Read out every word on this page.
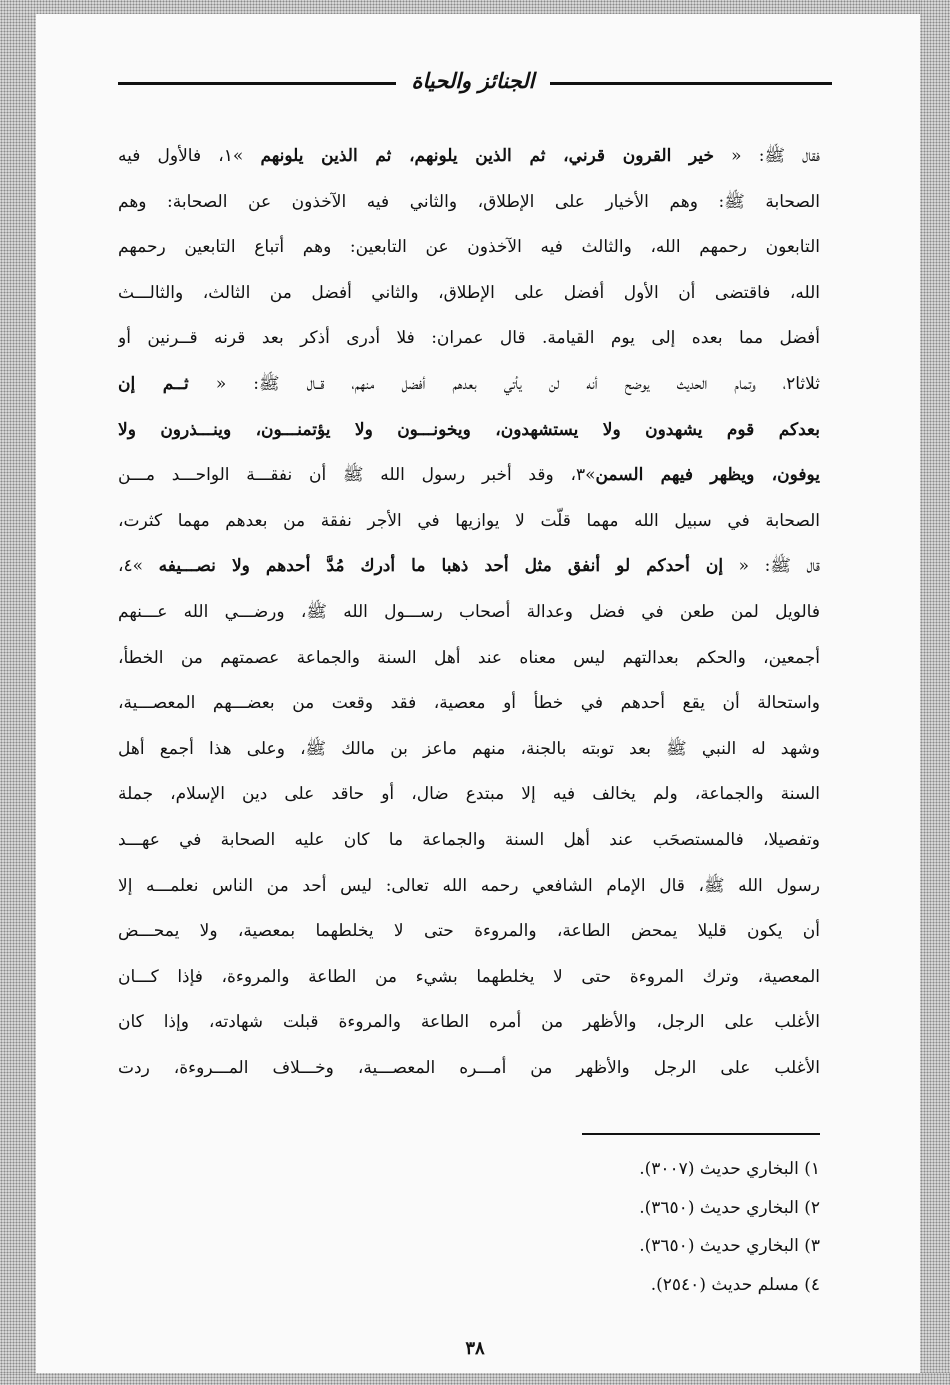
الجنائز والحياة
فقال ﷺ: « خير القرون قرني، ثم الذين يلونهم، ثم الذين يلونهم »١، فالأول فيه
الصحابة ﷺ: وهم الأخيار على الإطلاق، والثاني فيه الآخذون عن الصحابة: وهم
التابعون رحمهم الله، والثالث فيه الآخذون عن التابعين: وهم أتباع التابعين رحمهم
الله، فاقتضى أن الأول أفضل على الإطلاق، والثاني أفضل من الثالث، والثالـــث
أفضل مما بعده إلى يوم القيامة. قال عمران: فلا أدرى أذكر بعد قرنه قــرنين أو
ثلاثا٢، وتمام الحديث يوضح أنه لن يأتي بعدهم أفضل منهم، قــال ﷺ: « ثــم إن
بعدكم قوم يشهدون ولا يستشهدون، ويخونـــون ولا يؤتمنـــون، وينـــذرون ولا
يوفون، ويظهر فيهم السمن»٣، وقد أخبر رسول الله ﷺ أن نفقـــة الواحـــد مـــن
الصحابة في سبيل الله مهما قلّت لا يوازيها في الأجر نفقة من بعدهم مهما كثرت،
قال ﷺ: « إن أحدكم لو أنفق مثل أحد ذهبا ما أدرك مُدَّ أحدهم ولا نصـــيفه »٤،
فالويل لمن طعن في فضل وعدالة أصحاب رســـول الله ﷺ، ورضـــي الله عـــنهم
أجمعين، والحكم بعدالتهم ليس معناه عند أهل السنة والجماعة عصمتهم من الخطأ،
واستحالة أن يقع أحدهم في خطأ أو معصية، فقد وقعت من بعضـــهم المعصـــية،
وشهد له النبي ﷺ بعد توبته بالجنة، منهم ماعز بن مالك ﷺ، وعلى هذا أجمع أهل
السنة والجماعة، ولم يخالف فيه إلا مبتدع ضال، أو حاقد على دين الإسلام، جملة
وتفصيلا، فالمستصحَب عند أهل السنة والجماعة ما كان عليه الصحابة في عهـــد
رسول الله ﷺ، قال الإمام الشافعي رحمه الله تعالى: ليس أحد من الناس نعلمـــه إلا
أن يكون قليلا يمحض الطاعة، والمروءة حتى لا يخلطهما بمعصية، ولا يمحـــض
المعصية، وترك المروءة حتى لا يخلطهما بشيء من الطاعة والمروءة، فإذا كـــان
الأغلب على الرجل، والأظهر من أمره الطاعة والمروءة قبلت شهادته، وإذا كان
الأغلب على الرجل والأظهر من أمـــره المعصـــية، وخـــلاف المـــروءة، ردت
١) البخاري حديث (٣٠٠٧).
٢) البخاري حديث (٣٦٥٠).
٣) البخاري حديث (٣٦٥٠).
٤) مسلم حديث (٢٥٤٠).
٣٨
